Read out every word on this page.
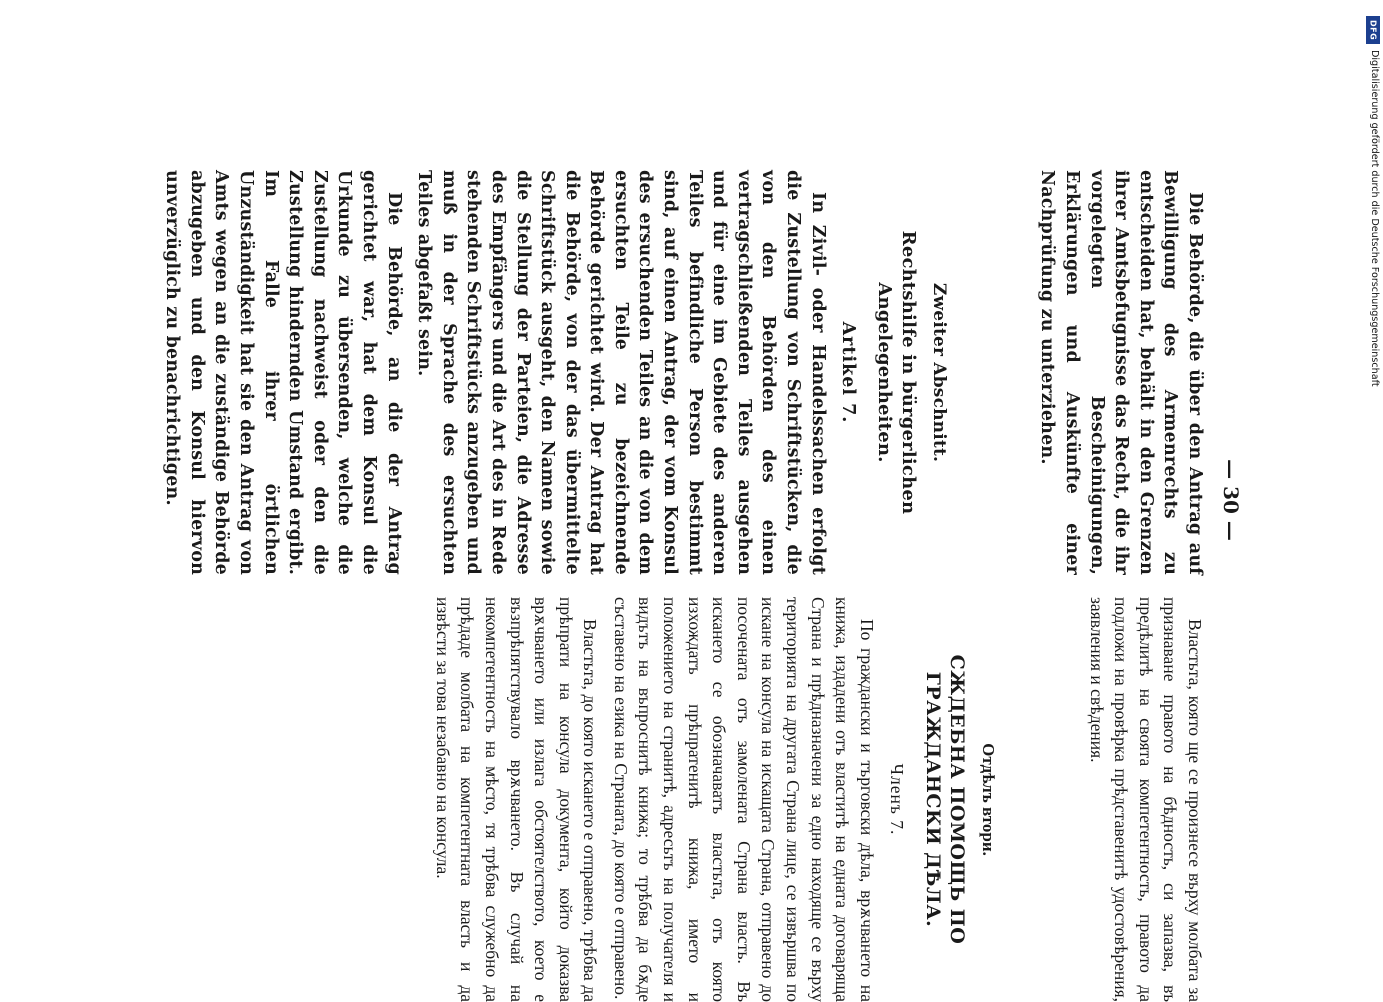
— 30 —

Die Behörde, die über den Antrag auf Bewilligung des Armenrechts zu entscheiden hat, behält in den Grenzen ihrer Amtsbefugnisse das Recht, die ihr vorgelegten Bescheinigungen, Erklärungen und Auskünfte einer Nachprüfung zu unterziehen.

Zweiter Abschnitt.
Rechtshilfe in bürgerlichen Angelegenheiten.
Artikel 7.

In Zivil- oder Handelssachen erfolgt die Zustellung von Schriftstücken, die von den Behörden des einen vertragschließenden Teiles ausgehen und für eine im Gebiete des anderen Teiles befindliche Person bestimmt sind, auf einen Antrag, der vom Konsul des ersuchenden Teiles an die von dem ersuchten Teile zu bezeichnende Behörde gerichtet wird. Der Antrag hat die Behörde, von der das übermittelte Schriftstück ausgeht, den Namen sowie die Stellung der Parteien, die Adresse des Empfängers und die Art des in Rede stehenden Schriftstücks anzugeben und muß in der Sprache des ersuchten Teiles abgefaßt sein.

Die Behörde, an die der Antrag gerichtet war, hat dem Konsul die Urkunde zu übersenden, welche die Zustellung nachweist oder den die Zustellung hindernden Umstand ergibt. Im Falle ihrer örtlichen Unzuständigkeit hat sie den Antrag von Amts wegen an die zuständige Behörde abzugeben und den Konsul hiervon unverzüglich zu benachrichtigen.

Властьта, която ще се произнесе върху молбата за признаване правото на бѣдность, си запазва, въ предѣлитѣ на своята компетентность, правото да подложи на провѣрка прѣдставенитѣ удостовѣрения, заявления и свѣдения.

Отдѣлъ втори.
СЖДЕБНА ПОМОЩЬ ПО ГРАЖДАНСКИ ДѢЛА.
Членъ 7.

По граждански и търговски дѣла, врѫчването на книжа, издадени отъ властитѣ на едната договаряща Страна и прѣдназначени за едно находяще се върху територията на другата Страна лице, се извършва по искане на консула на искащата Страна, отправено до посочената отъ замолената Страна власть. Въ искането се обозначаватъ властьта, отъ която изхождатъ прѣпратенитѣ книжа, името и положението на странитѣ, адресьтъ на получателя и видътъ на въпроснитѣ книжа; то трѣбва да бѫде съставено на езика на Страната, до която е отправено.

Властьта, до която искането е отправено, трѣбва да прѣпрати на консула документа, който доказва врѫчването или излага обстоятелството, което е възпрѣпятствувало врѫчването. Въ случай на некомпетентность на мѣсто, тя трѣбва служебно да прѣдаде молбата на компетентната власть и да извѣсти за това незабавно на консула.

DFG
Digitalisierung gefördert durch die Deutsche Forschungsgemeinschaft
